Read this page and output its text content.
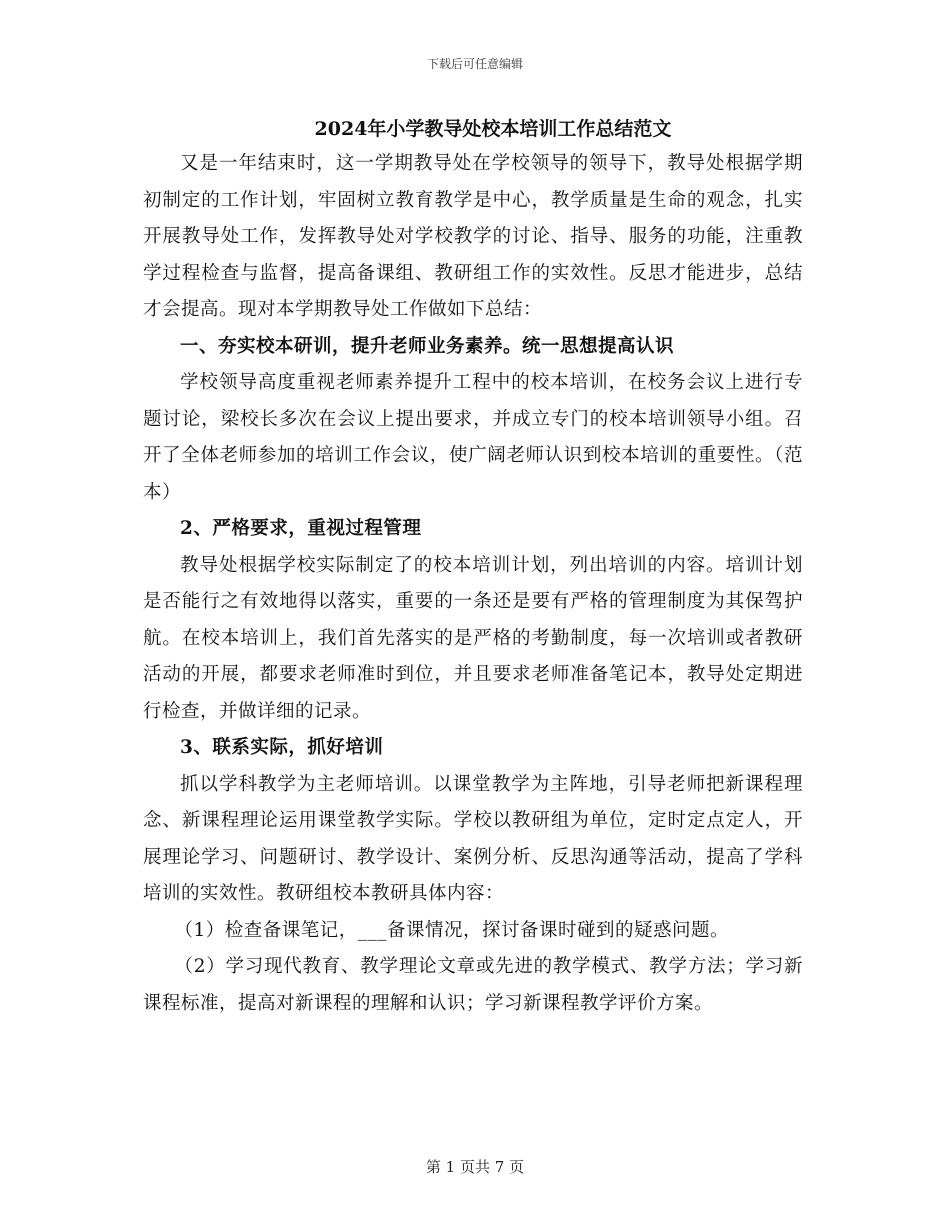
下载后可任意编辑
2024年小学教导处校本培训工作总结范文

又是一年结束时，这一学期教导处在学校领导的领导下，教导处根据学期初制定的工作计划，牢固树立教育教学是中心，教学质量是生命的观念，扎实开展教导处工作，发挥教导处对学校教学的讨论、指导、服务的功能，注重教学过程检查与监督，提高备课组、教研组工作的实效性。反思才能进步，总结才会提高。现对本学期教导处工作做如下总结：

一、夯实校本研训，提升老师业务素养。统一思想提高认识

学校领导高度重视老师素养提升工程中的校本培训，在校务会议上进行专题讨论，梁校长多次在会议上提出要求，并成立专门的校本培训领导小组。召开了全体老师参加的培训工作会议，使广阔老师认识到校本培训的重要性。（范本）

2、严格要求，重视过程管理

教导处根据学校实际制定了的校本培训计划，列出培训的内容。培训计划是否能行之有效地得以落实，重要的一条还是要有严格的管理制度为其保驾护航。在校本培训上，我们首先落实的是严格的考勤制度，每一次培训或者教研活动的开展，都要求老师准时到位，并且要求老师准备笔记本，教导处定期进行检查，并做详细的记录。

3、联系实际，抓好培训

抓以学科教学为主老师培训。以课堂教学为主阵地，引导老师把新课程理念、新课程理论运用课堂教学实际。学校以教研组为单位，定时定点定人，开展理论学习、问题研讨、教学设计、案例分析、反思沟通等活动，提高了学科培训的实效性。教研组校本教研具体内容：

（1）检查备课笔记，___备课情况，探讨备课时碰到的疑惑问题。

（2）学习现代教育、教学理论文章或先进的教学模式、教学方法；学习新课程标准，提高对新课程的理解和认识；学习新课程教学评价方案。

第 1 页共 7 页
